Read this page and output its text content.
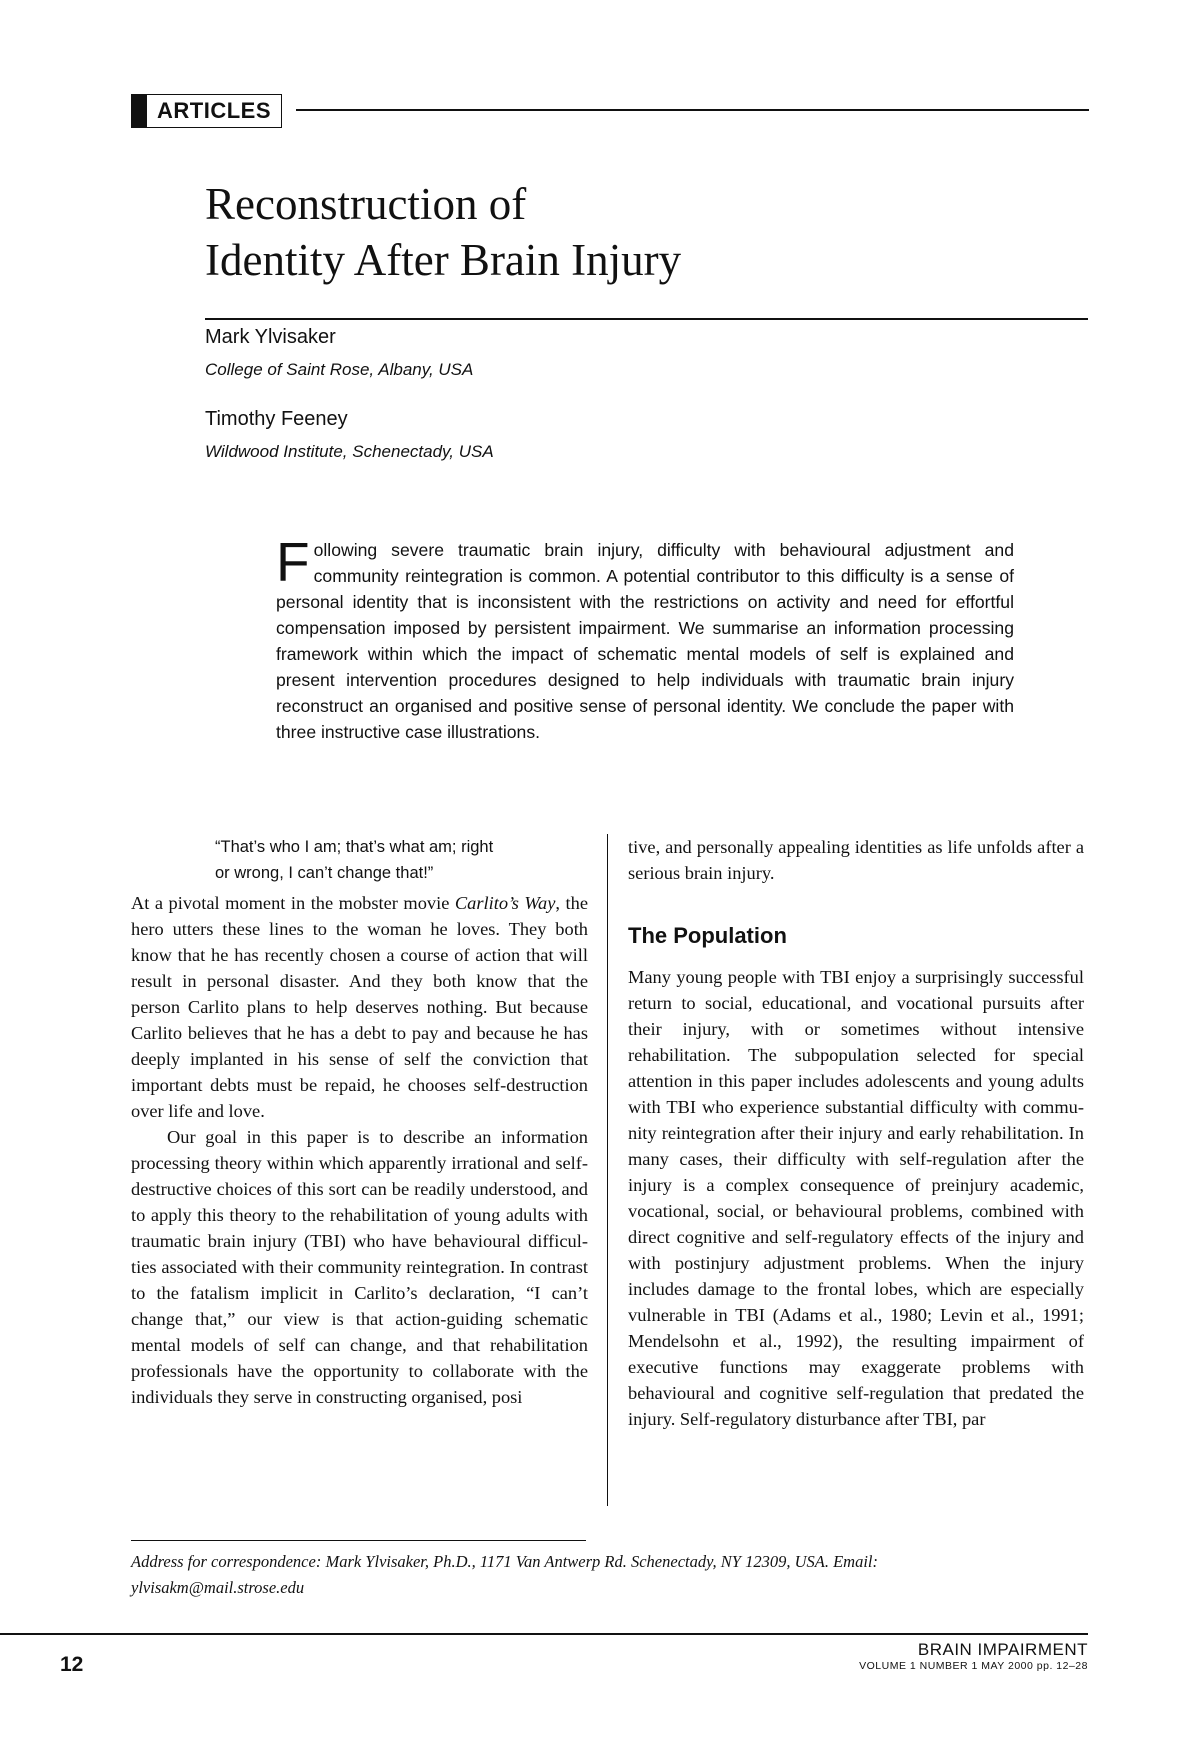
ARTICLES
Reconstruction of
Identity After Brain Injury
Mark Ylvisaker
College of Saint Rose, Albany, USA
Timothy Feeney
Wildwood Institute, Schenectady, USA
Following severe traumatic brain injury, difficulty with behavioural adjustment and community reintegration is common. A potential contributor to this difficulty is a sense of personal identity that is inconsistent with the restrictions on activity and need for effortful compensation imposed by persistent impairment. We summarise an information processing framework within which the impact of schematic mental models of self is explained and present intervention procedures designed to help individuals with traumatic brain injury reconstruct an organised and positive sense of personal identity. We conclude the paper with three instructive case illustrations.
“That’s who I am; that’s what am; right
or wrong, I can’t change that!”

At a pivotal moment in the mobster movie Carlito’s Way, the hero utters these lines to the woman he loves. They both know that he has recently chosen a course of action that will result in personal disaster. And they both know that the person Carlito plans to help deserves nothing. But because Carlito believes that he has a debt to pay and because he has deeply implanted in his sense of self the conviction that important debts must be repaid, he chooses self-destruction over life and love.

Our goal in this paper is to describe an information processing theory within which apparently irrational and self-destructive choices of this sort can be readily understood, and to apply this theory to the rehabilitation of young adults with traumatic brain injury (TBI) who have behavioural difficulties associated with their community reintegration. In contrast to the fatalism implicit in Carlito’s declaration, “I can’t change that,” our view is that action-guiding schematic mental models of self can change, and that rehabilitation professionals have the opportunity to collaborate with the individuals they serve in constructing organised, posi

tive, and personally appealing identities as life unfolds after a serious brain injury.

The Population

Many young people with TBI enjoy a surprisingly successful return to social, educational, and vocational pursuits after their injury, with or sometimes without intensive rehabilitation. The subpopulation selected for special attention in this paper includes adolescents and young adults with TBI who experience substantial difficulty with community reintegration after their injury and early rehabilitation. In many cases, their difficulty with self-regulation after the injury is a complex consequence of preinjury academic, vocational, social, or behavioural problems, combined with direct cognitive and self-regulatory effects of the injury and with postinjury adjustment problems. When the injury includes damage to the frontal lobes, which are especially vulnerable in TBI (Adams et al., 1980; Levin et al., 1991; Mendelsohn et al., 1992), the resulting impairment of executive functions may exaggerate problems with behavioural and cognitive self-regulation that predated the injury. Self-regulatory disturbance after TBI, par

Address for correspondence: Mark Ylvisaker, Ph.D., 1171 Van Antwerp Rd. Schenectady, NY 12309, USA. Email:
ylvisakm@mail.strose.edu
12
BRAIN IMPAIRMENT
VOLUME 1 NUMBER 1 MAY 2000 pp. 12–28
